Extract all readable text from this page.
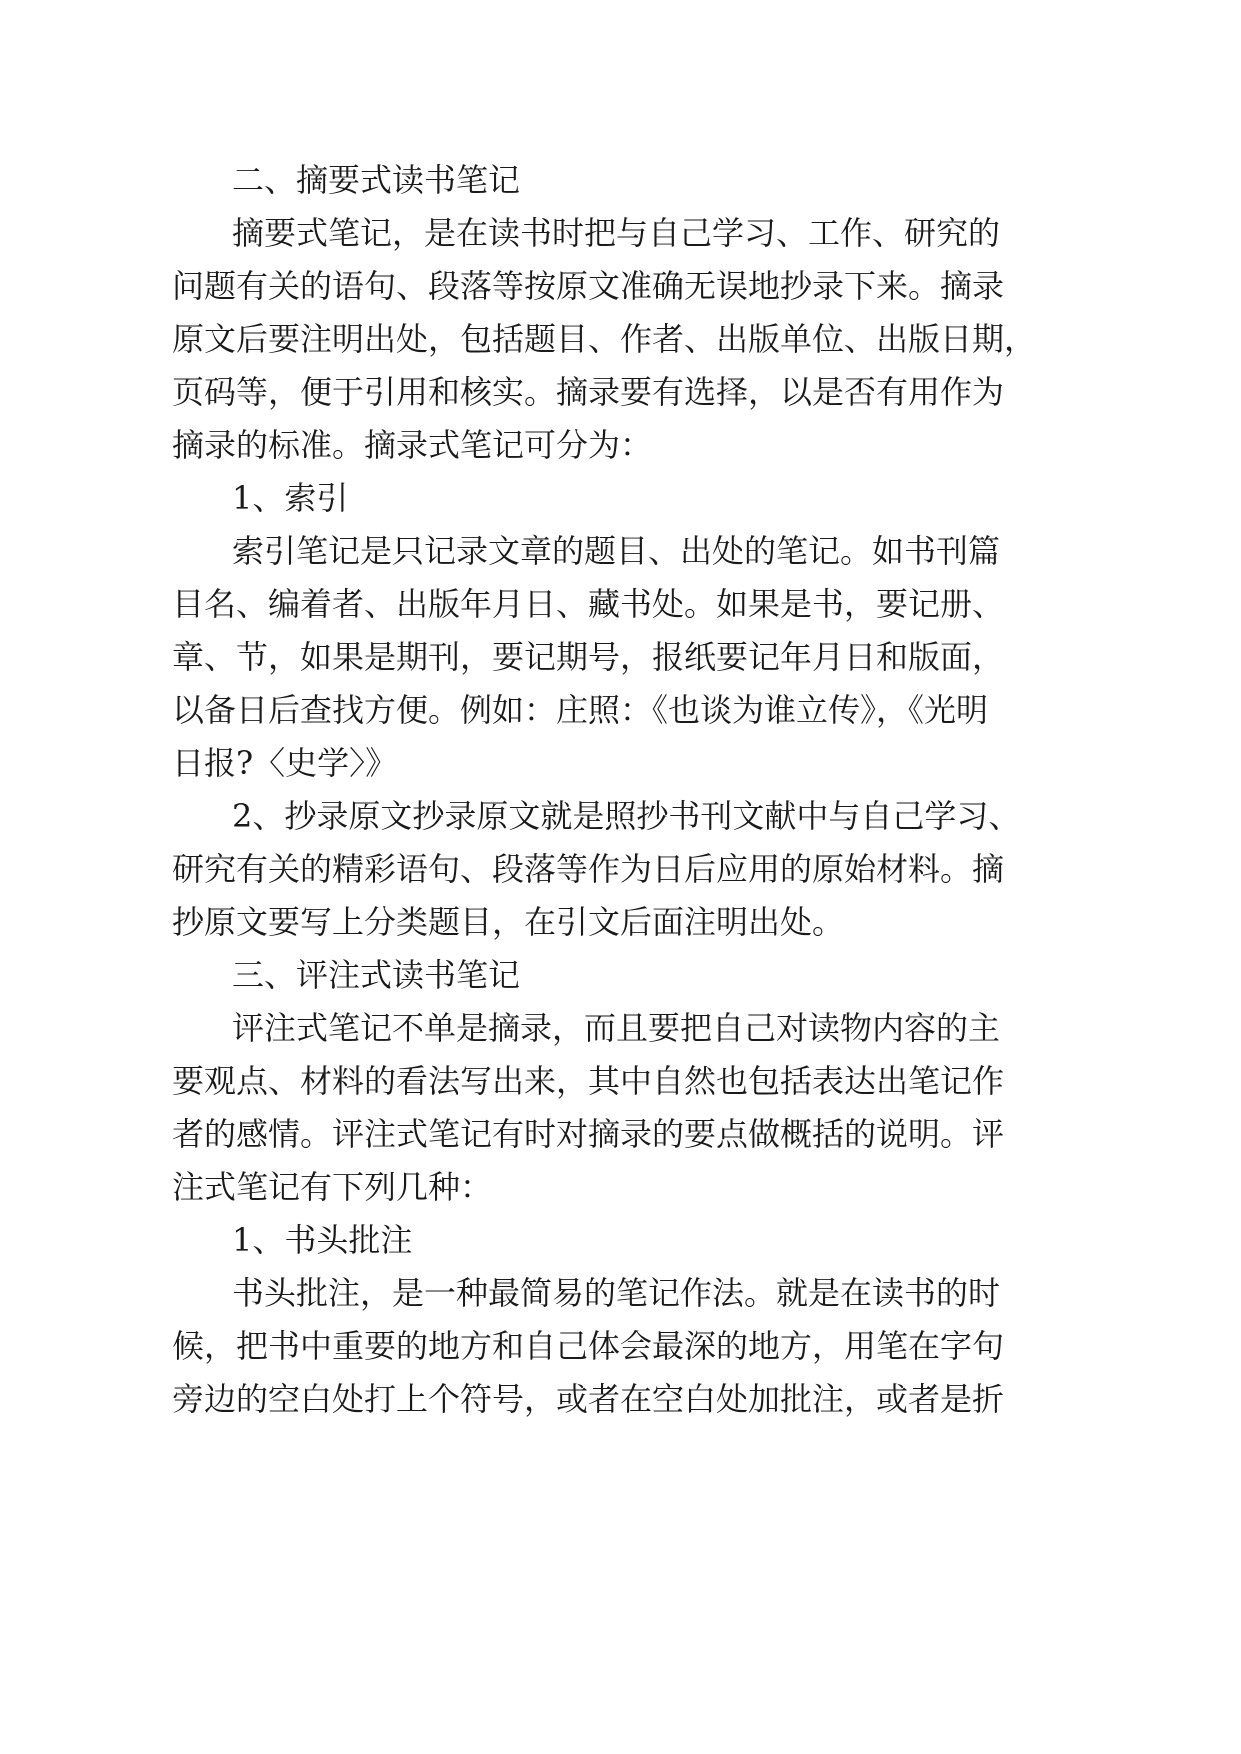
二、摘要式读书笔记

摘要式笔记，是在读书时把与自己学习、工作、研究的

问题有关的语句、段落等按原文准确无误地抄录下来。摘录

原文后要注明出处，包括题目、作者、出版单位、出版日期，

页码等，便于引用和核实。摘录要有选择，以是否有用作为

摘录的标准。摘录式笔记可分为：

1、索引

索引笔记是只记录文章的题目、出处的笔记。如书刊篇

目名、编着者、出版年月日、藏书处。如果是书，要记册、

章、节，如果是期刊，要记期号，报纸要记年月日和版面，

以备日后查找方便。例如：庄照：《也谈为谁立传》，《光明

日报?〈史学〉》

2、抄录原文抄录原文就是照抄书刊文献中与自己学习、

研究有关的精彩语句、段落等作为日后应用的原始材料。摘

抄原文要写上分类题目，在引文后面注明出处。

三、评注式读书笔记

评注式笔记不单是摘录，而且要把自己对读物内容的主

要观点、材料的看法写出来，其中自然也包括表达出笔记作

者的感情。评注式笔记有时对摘录的要点做概括的说明。评

注式笔记有下列几种：

1、书头批注

书头批注，是一种最简易的笔记作法。就是在读书的时

候，把书中重要的地方和自己体会最深的地方，用笔在字句

旁边的空白处打上个符号，或者在空白处加批注，或者是折
